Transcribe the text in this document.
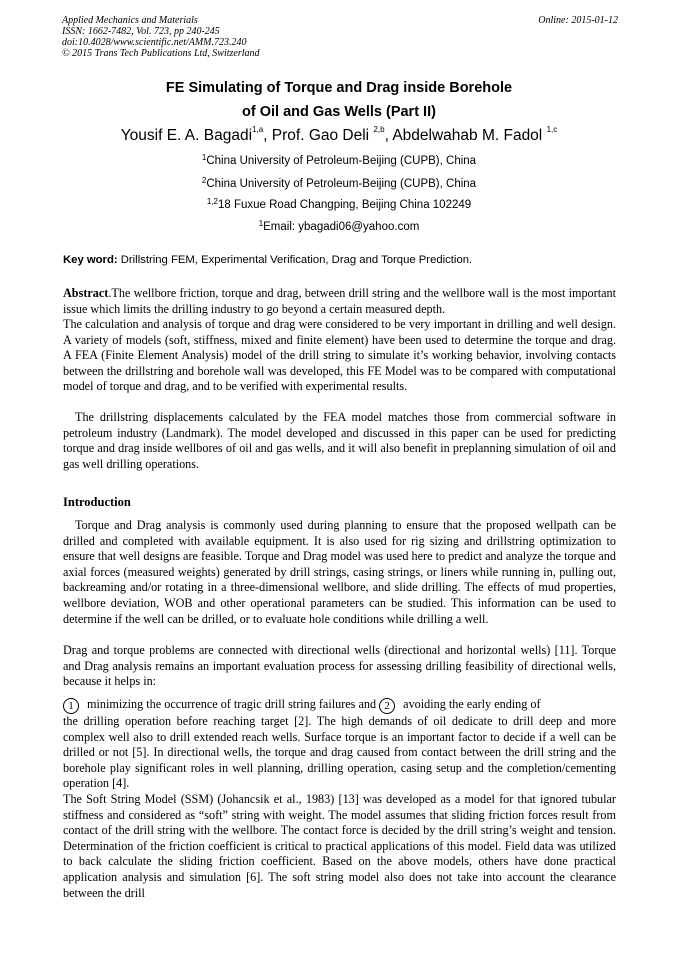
Applied Mechanics and Materials
ISSN: 1662-7482, Vol. 723, pp 240-245
doi:10.4028/www.scientific.net/AMM.723.240
© 2015 Trans Tech Publications Ltd, Switzerland
Online: 2015-01-12
FE Simulating of Torque and Drag inside Borehole
of Oil and Gas Wells (Part II)
Yousif E. A. Bagadi$^{1,a}$, Prof. Gao Deli $^{2,b}$, Abdelwahab M. Fadol $^{1,c}$
$^1$China University of Petroleum-Beijing (CUPB), China
$^2$China University of Petroleum-Beijing (CUPB), China
$^{1,2}$18 Fuxue Road Changping, Beijing China 102249
$^1$Email: ybagadi06@yahoo.com
Key word: Drillstring FEM, Experimental Verification, Drag and Torque Prediction.
Abstract.The wellbore friction, torque and drag, between drill string and the wellbore wall is the most important issue which limits the drilling industry to go beyond a certain measured depth.
The calculation and analysis of torque and drag were considered to be very important in drilling and well design. A variety of models (soft, stiffness, mixed and finite element) have been used to determine the torque and drag. A FEA (Finite Element Analysis) model of the drill string to simulate it’s working behavior, involving contacts between the drillstring and borehole wall was developed, this FE Model was to be compared with computational model of torque and drag, and to be verified with experimental results.
The drillstring displacements calculated by the FEA model matches those from commercial software in petroleum industry (Landmark). The model developed and discussed in this paper can be used for predicting torque and drag inside wellbores of oil and gas wells, and it will also benefit in preplanning simulation of oil and gas well drilling operations.
Introduction
Torque and Drag analysis is commonly used during planning to ensure that the proposed wellpath can be drilled and completed with available equipment. It is also used for rig sizing and drillstring optimization to ensure that well designs are feasible. Torque and Drag model was used here to predict and analyze the torque and axial forces (measured weights) generated by drill strings, casing strings, or liners while running in, pulling out, backreaming and/or rotating in a three-dimensional wellbore, and slide drilling. The effects of mud properties, wellbore deviation, WOB and other operational parameters can be studied. This information can be used to determine if the well can be drilled, or to evaluate hole conditions while drilling a well.
Drag and torque problems are connected with directional wells (directional and horizontal wells) [11]. Torque and Drag analysis remains an important evaluation process for assessing drilling feasibility of directional wells, because it helps in:
1 minimizing the occurrence of tragic drill string failures and 2 avoiding the early ending of
the drilling operation before reaching target [2]. The high demands of oil dedicate to drill deep and more complex well also to drill extended reach wells. Surface torque is an important factor to decide if a well can be drilled or not [5]. In directional wells, the torque and drag caused from contact between the drill string and the borehole play significant roles in well planning, drilling operation, casing setup and the completion/cementing operation [4].
The Soft String Model (SSM) (Johancsik et al., 1983) [13] was developed as a model for that ignored tubular stiffness and considered as “soft” string with weight. The model assumes that sliding friction forces result from contact of the drill string with the wellbore. The contact force is decided by the drill string’s weight and tension. Determination of the friction coefficient is critical to practical applications of this model. Field data was utilized to back calculate the sliding friction coefficient. Based on the above models, others have done practical application analysis and simulation [6]. The soft string model also does not take into account the clearance between the drill
